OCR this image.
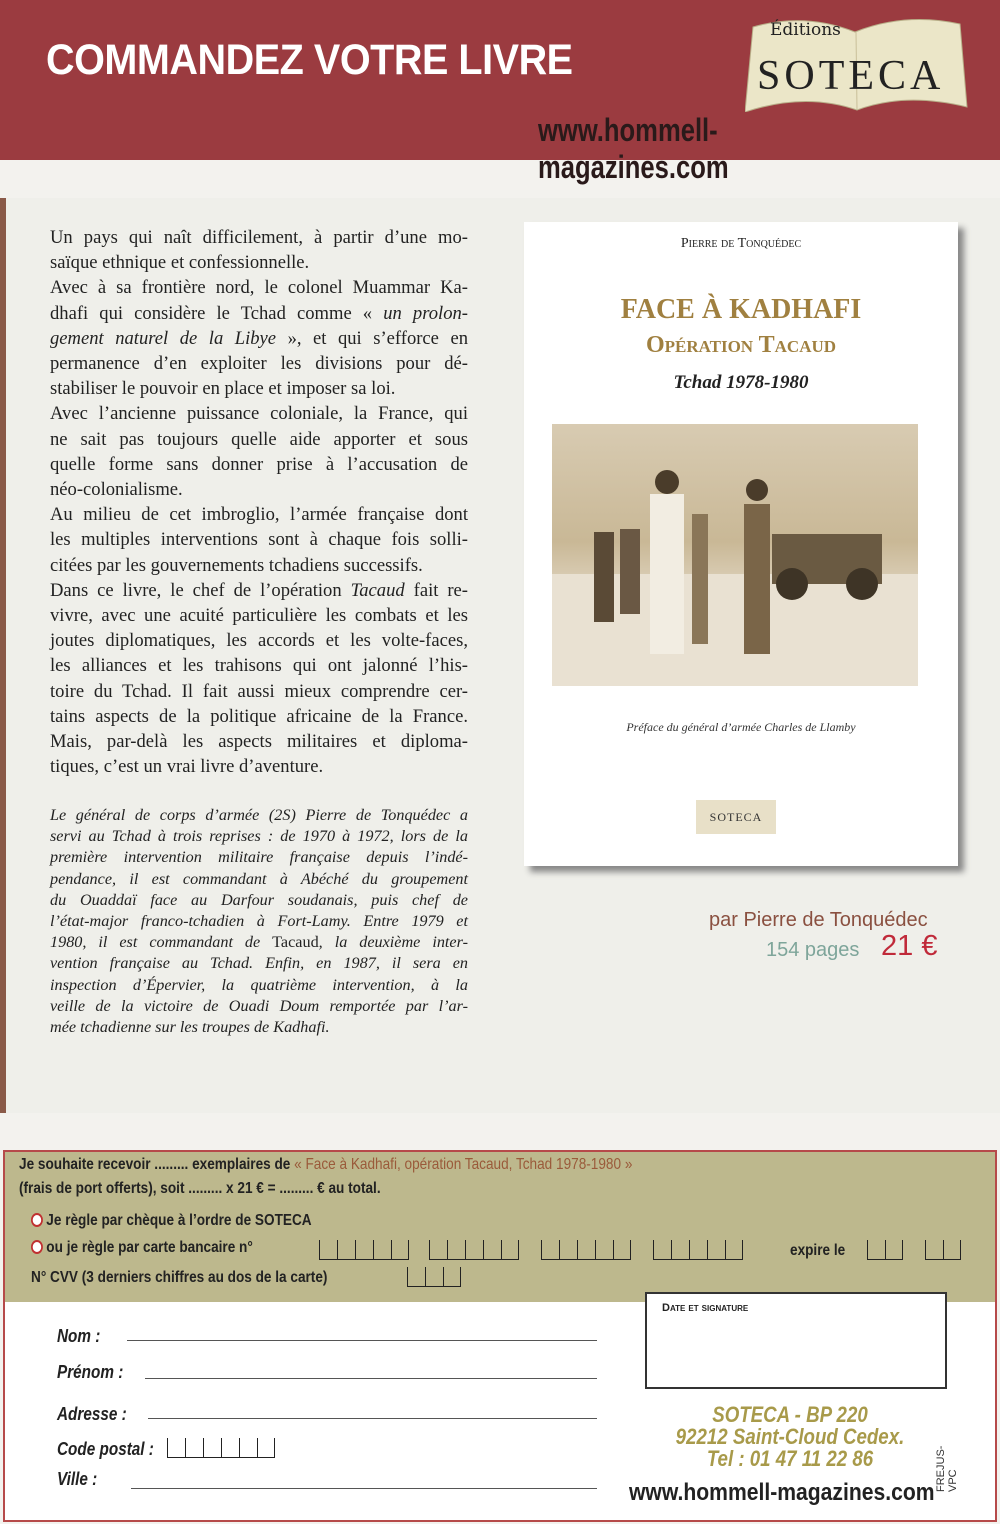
COMMANDEZ VOTRE LIVRE
Éditions
SOTECA
www.hommell-magazines.com
Un pays qui naît difficilement, à partir d’une mo-
saïque ethnique et confessionnelle.
Avec à sa frontière nord, le colonel Muammar Ka-
dhafi qui considère le Tchad comme « un prolon-
gement naturel de la Libye », et qui s’efforce en
permanence d’en exploiter les divisions pour dé-
stabiliser le pouvoir en place et imposer sa loi.
Avec l’ancienne puissance coloniale, la France, qui
ne sait pas toujours quelle aide apporter et sous
quelle forme sans donner prise à l’accusation de
néo-colonialisme.
Au milieu de cet imbroglio, l’armée française dont
les multiples interventions sont à chaque fois solli-
citées par les gouvernements tchadiens successifs.
Dans ce livre, le chef de l’opération Tacaud fait re-
vivre, avec une acuité particulière les combats et les
joutes diplomatiques, les accords et les volte-faces,
les alliances et les trahisons qui ont jalonné l’his-
toire du Tchad. Il fait aussi mieux comprendre cer-
tains aspects de la politique africaine de la France.
Mais, par-delà les aspects militaires et diploma-
tiques, c’est un vrai livre d’aventure.
Le général de corps d’armée (2S) Pierre de Tonquédec a
servi au Tchad à trois reprises : de 1970 à 1972, lors de la
première intervention militaire française depuis l’indé-
pendance, il est commandant à Abéché du groupement
du Ouaddaï face au Darfour soudanais, puis chef de
l’état-major franco-tchadien à Fort-Lamy. Entre 1979 et
1980, il est commandant de Tacaud, la deuxième inter-
vention française au Tchad. Enfin, en 1987, il sera en
inspection d’Épervier, la quatrième intervention, à la
veille de la victoire de Ouadi Doum remportée par l’ar-
mée tchadienne sur les troupes de Kadhafi.
Pierre de Tonquédec
FACE À KADHAFI
Opération Tacaud
Tchad 1978-1980
Préface du général d’armée Charles de Llamby
SOTECA
par Pierre de Tonquédec
154 pages 21 €
Je souhaite recevoir ......... exemplaires de « Face à Kadhafi, opération Tacaud, Tchad 1978-1980 »
(frais de port offerts), soit ......... x 21 € = ......... € au total.
Je règle par chèque à l’ordre de SOTECA
ou je règle par carte bancaire n°	expire le
N° CVV (3 derniers chiffres au dos de la carte)
Date et signature
Nom :
Prénom :
Adresse :
Code postal :
Ville :
SOTECA - BP 220
92212 Saint-Cloud Cedex.
Tel : 01 47 11 22 86
www.hommell-magazines.com
FREJUS-VPC
